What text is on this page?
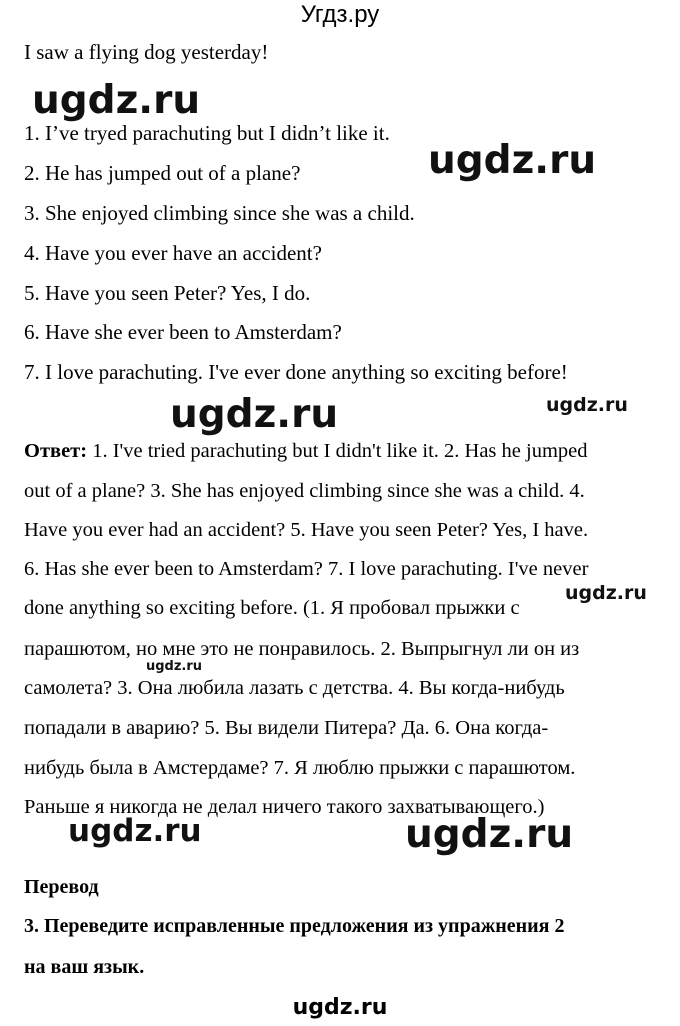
Угдз.ру
I saw a flying dog yesterday!
1. I’ve tryed parachuting but I didn’t like it.
2. He has jumped out of a plane?
3. She enjoyed climbing since she was a child.
4. Have you ever have an accident?
5. Have you seen Peter? Yes, I do.
6. Have she ever been to Amsterdam?
7. I love parachuting. I've ever done anything so exciting before!
Ответ: 1. I've tried parachuting but I didn't like it. 2. Has he jumped
out of a plane? 3. She has enjoyed climbing since she was a child. 4.
Have you ever had an accident? 5. Have you seen Peter? Yes, I have.
6. Has she ever been to Amsterdam? 7. I love parachuting. I've never
done anything so exciting before. (1. Я пробовал прыжки с
парашютом, но мне это не понравилось. 2. Выпрыгнул ли он из
самолета? 3. Она любила лазать с детства. 4. Вы когда-нибудь
попадали в аварию? 5. Вы видели Питера? Да. 6. Она когда-
нибудь была в Амстердаме? 7. Я люблю прыжки с парашютом.
Раньше я никогда не делал ничего такого захватывающего.)
Перевод
3. Переведите исправленные предложения из упражнения 2
на ваш язык.
ugdz.ru
ugdz.ru
ugdz.ru	ugdz.ru
ugdz.ru
ugdz.ru
ugdz.ru	ugdz.ru
ugdz.ru
